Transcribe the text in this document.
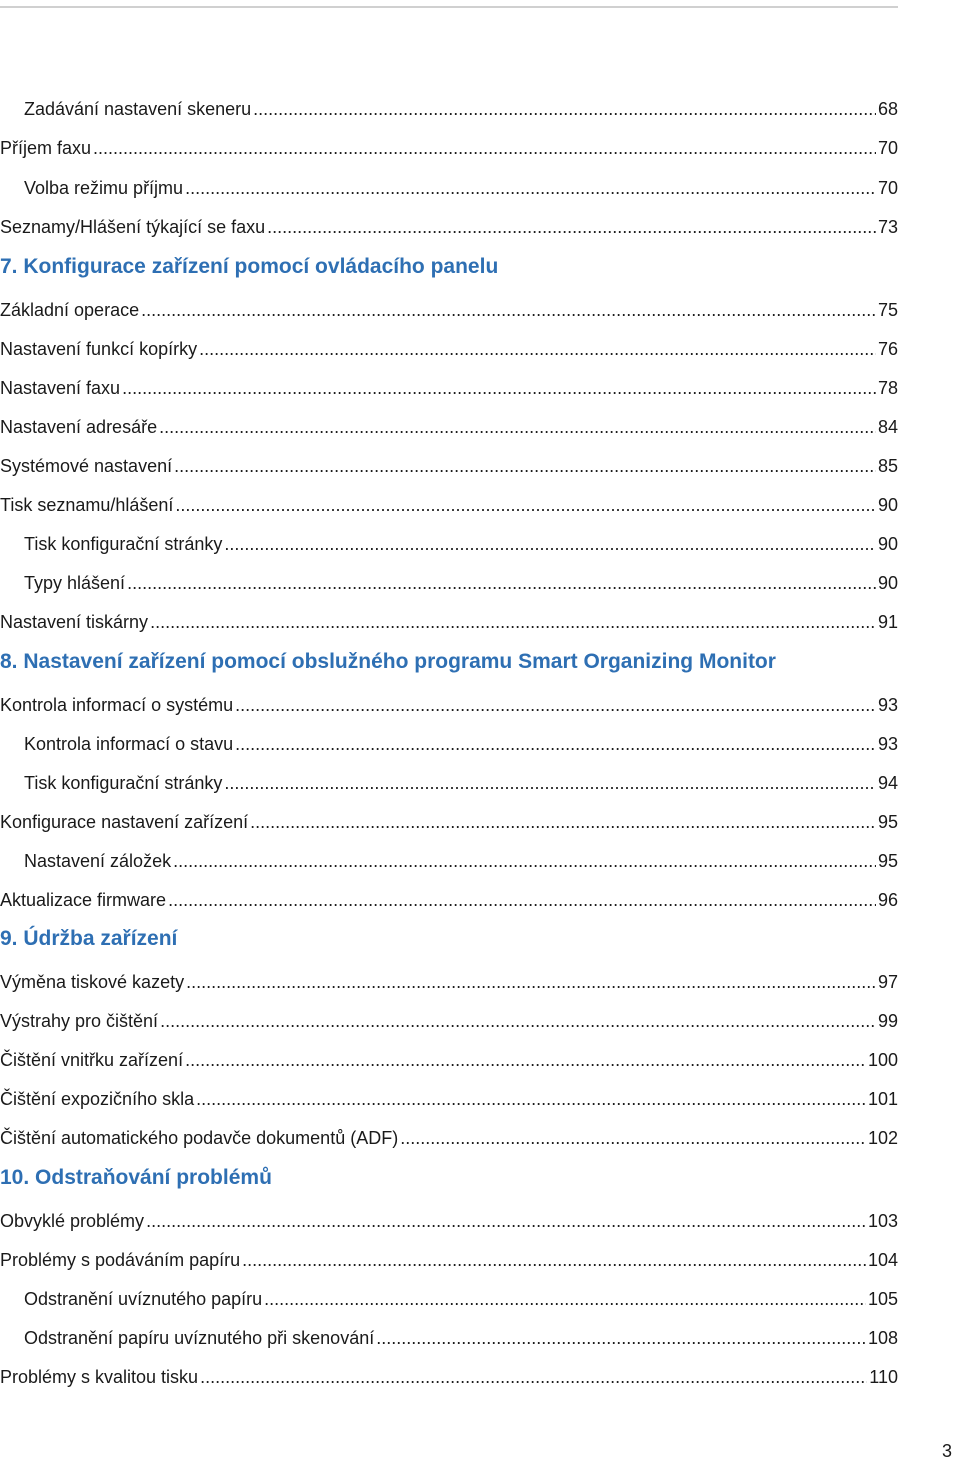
Zadávání nastavení skeneru .....	68
Příjem faxu .....	70
Volba režimu příjmu .....	70
Seznamy/Hlášení týkající se faxu .....	73
7. Konfigurace zařízení pomocí ovládacího panelu
Základní operace .....	75
Nastavení funkcí kopírky .....	76
Nastavení faxu .....	78
Nastavení adresáře .....	84
Systémové nastavení .....	85
Tisk seznamu/hlášení .....	90
Tisk konfigurační stránky .....	90
Typy hlášení .....	90
Nastavení tiskárny .....	91
8. Nastavení zařízení pomocí obslužného programu Smart Organizing Monitor
Kontrola informací o systému .....	93
Kontrola informací o stavu .....	93
Tisk konfigurační stránky .....	94
Konfigurace nastavení zařízení .....	95
Nastavení záložek .....	95
Aktualizace firmware .....	96
9. Údržba zařízení
Výměna tiskové kazety .....	97
Výstrahy pro čištění .....	99
Čištění vnitřku zařízení .....	100
Čištění expozičního skla .....	101
Čištění automatického podavče dokumentů (ADF) .....	102
10. Odstraňování problémů
Obvyklé problémy .....	103
Problémy s podáváním papíru .....	104
Odstranění uvíznutého papíru .....	105
Odstranění papíru uvíznutého při skenování .....	108
Problémy s kvalitou tisku .....	110
3
